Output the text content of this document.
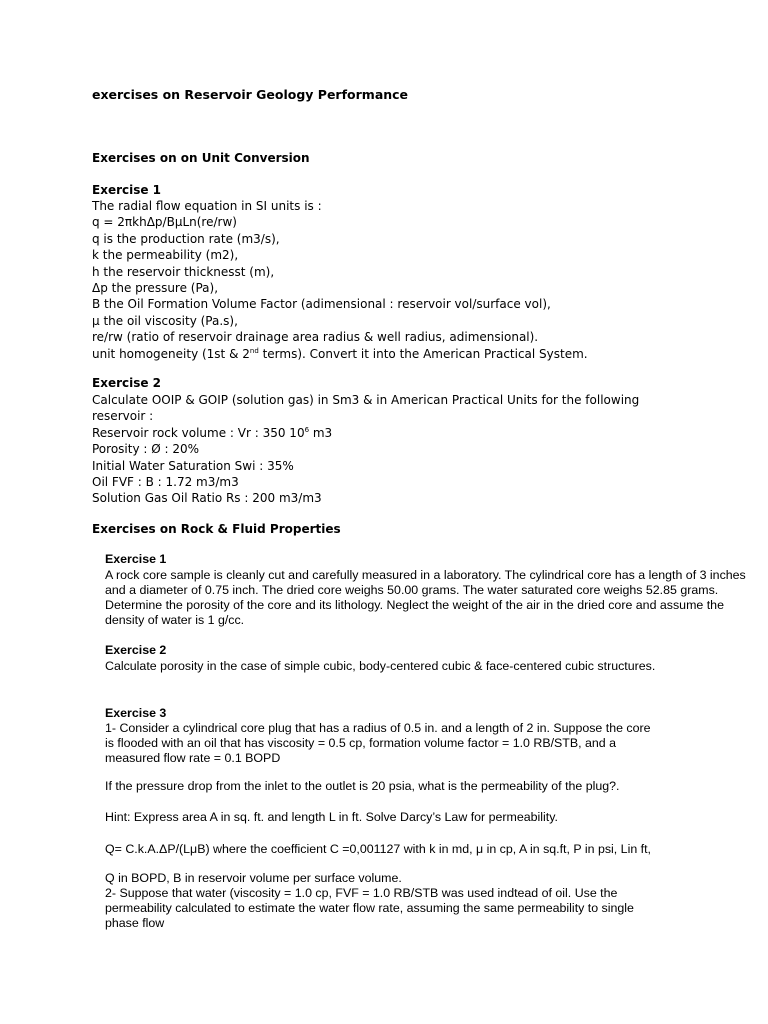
exercises on Reservoir Geology Performance
Exercises on on Unit Conversion
Exercise 1
The radial flow equation in SI units is :
q = 2πkhΔp/BμLn(re/rw)
q is the production rate (m3/s),
k the permeability (m2),
h the reservoir thicknesst (m),
Δp the pressure (Pa),
B the Oil Formation Volume Factor (adimensional : reservoir vol/surface vol),
μ the oil viscosity (Pa.s),
re/rw (ratio of reservoir drainage area radius & well radius, adimensional).
unit homogeneity (1st & 2nd terms). Convert it into the American Practical System.
Exercise 2
Calculate OOIP & GOIP (solution gas) in Sm3 & in American Practical Units for the following
reservoir :
Reservoir rock volume : Vr : 350 $10^6$ m3
Porosity : Ø : 20%
Initial Water Saturation Swi : 35%
Oil FVF : B : 1.72 m3/m3
Solution Gas Oil Ratio Rs : 200 m3/m3
Exercises on Rock & Fluid Properties
Exercise 1
A rock core sample is cleanly cut and carefully measured in a laboratory. The cylindrical core has a length of 3 inches
and a diameter of 0.75 inch. The dried core weighs 50.00 grams. The water saturated core weighs 52.85 grams.
Determine the porosity of the core and its lithology. Neglect the weight of the air in the dried core and assume the
density of water is 1 g/cc.
Exercise 2
Calculate porosity in the case of simple cubic, body-centered cubic & face-centered cubic structures.
Exercise 3
1- Consider a cylindrical core plug that has a radius of 0.5 in. and a length of 2 in. Suppose the core
is flooded with an oil that has viscosity = 0.5 cp, formation volume factor = 1.0 RB/STB, and a
measured flow rate = 0.1 BOPD
If the pressure drop from the inlet to the outlet is 20 psia, what is the permeability of the plug?.
Hint: Express area A in sq. ft. and length L in ft. Solve Darcy’s Law for permeability.
Q= C.k.A.ΔP/(LμB) where the coefficient C =0,001127 with k in md, μ in cp, A in sq.ft, P in psi, Lin ft,
Q in BOPD, B in reservoir volume per surface volume.
2- Suppose that water (viscosity = 1.0 cp, FVF = 1.0 RB/STB was used indtead of oil. Use the
permeability calculated to estimate the water flow rate, assuming the same permeability to single
phase flow
